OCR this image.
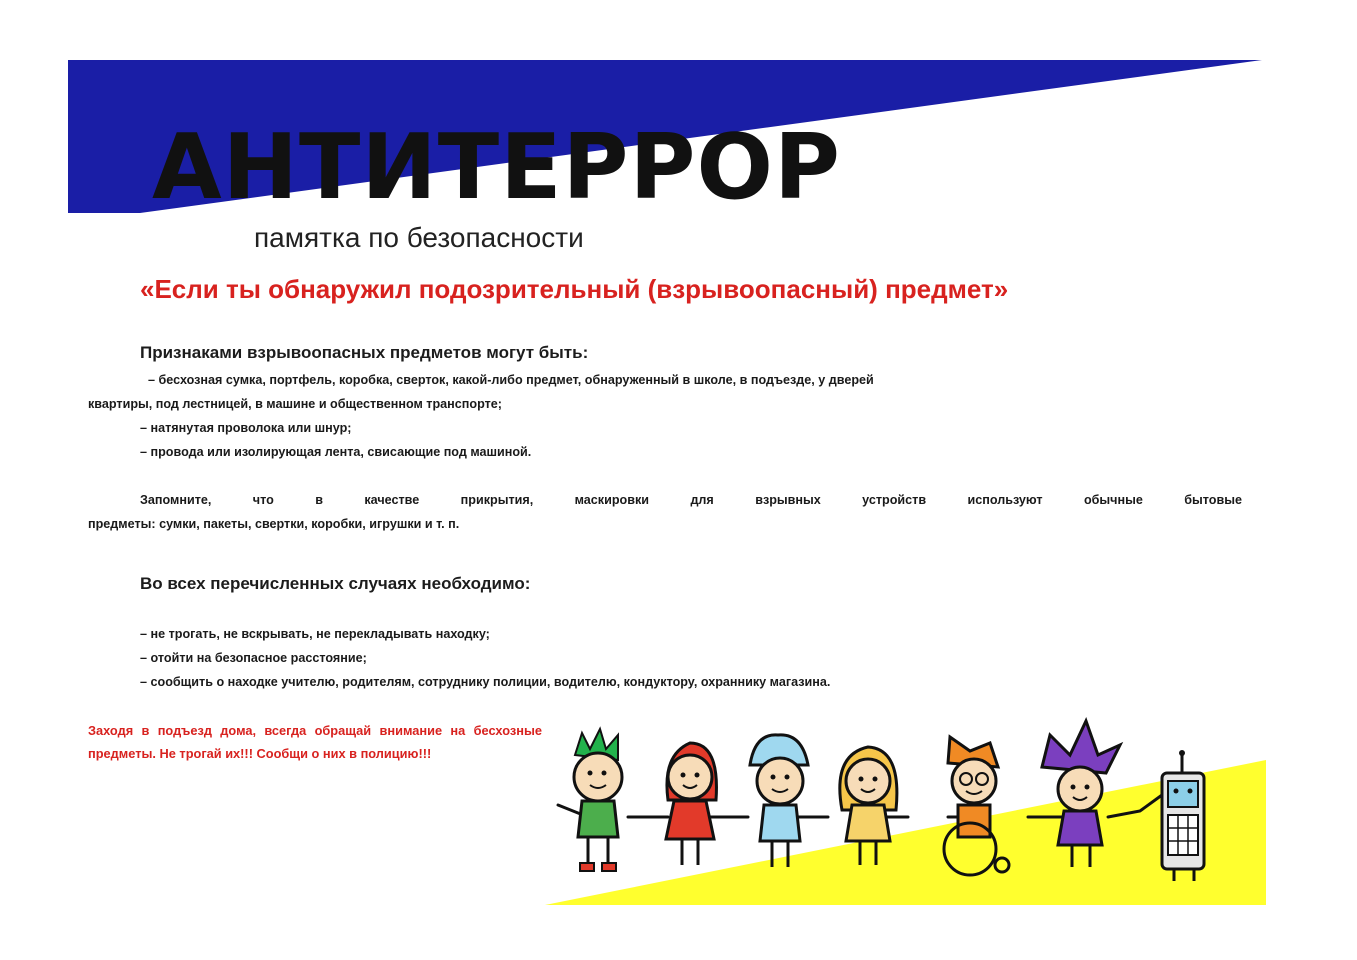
АНТИТЕРРОР
памятка по безопасности
«Если ты обнаружил подозрительный (взрывоопасный) предмет»
Признаками взрывоопасных предметов могут быть:
– бесхозная сумка, портфель, коробка, сверток, какой-либо предмет, обнаруженный в школе, в подъезде, у дверей
квартиры, под лестницей, в машине и общественном транспорте;
– натянутая проволока или шнур;
– провода или изолирующая лента, свисающие под машиной.
Запомните, что в качестве прикрытия, маскировки для взрывных устройств используют обычные бытовые
предметы: сумки, пакеты, свертки, коробки, игрушки и т. п.
Во всех перечисленных случаях необходимо:
– не трогать, не вскрывать, не перекладывать находку;
– отойти на безопасное расстояние;
– сообщить о находке учителю, родителям, сотруднику полиции, водителю, кондуктору, охраннику магазина.
Заходя в подъезд дома, всегда обращай внимание на бесхозные предметы. Не трогай их!!! Сообщи о них в полицию!!!
